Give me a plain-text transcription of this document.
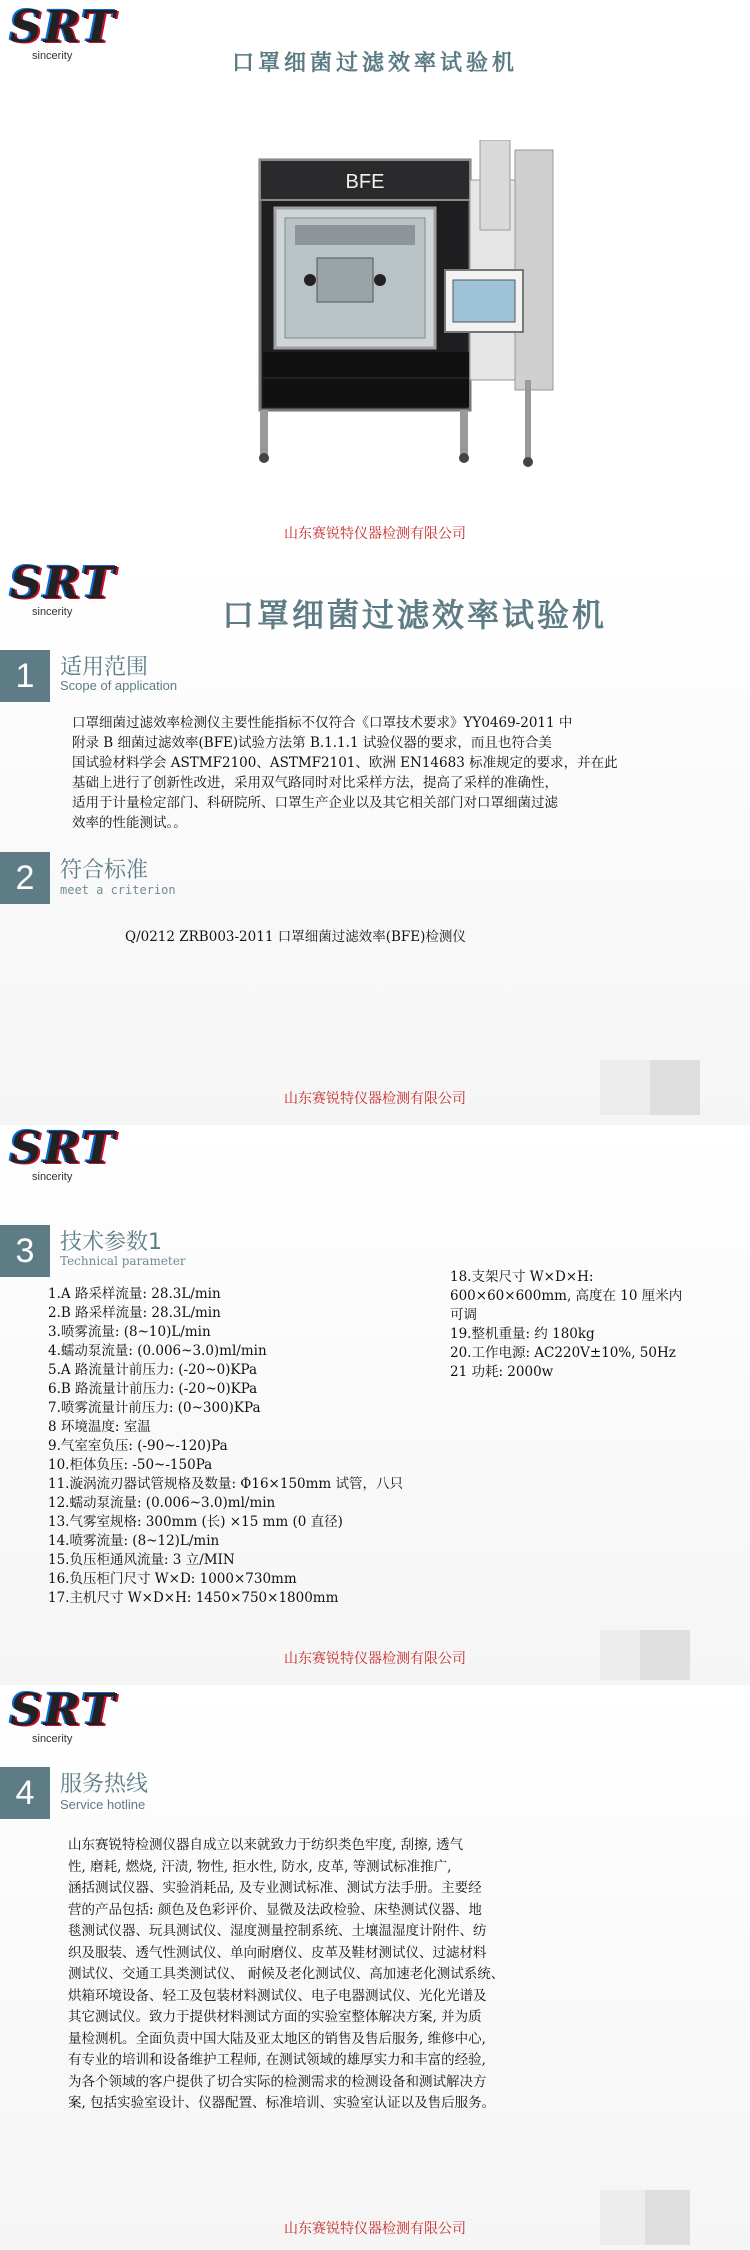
SRT
sincerity	口罩细菌过滤效率试验机
BFE
山东赛锐特仪器检测有限公司
SRT
sincerity	口罩细菌过滤效率试验机
1	适用范围
Scope of application
口罩细菌过滤效率检测仪主要性能指标不仅符合《口罩技术要求》YY0469-2011 中
附录 B 细菌过滤效率(BFE)试验方法第 B.1.1.1 试验仪器的要求，而且也符合美
国试验材料学会 ASTMF2100、ASTMF2101、欧洲 EN14683 标准规定的要求，并在此
基础上进行了创新性改进，采用双气路同时对比采样方法，提高了采样的准确性，
适用于计量检定部门、科研院所、口罩生产企业以及其它相关部门对口罩细菌过滤
效率的性能测试。。
2	符合标准
meet a criterion
Q/0212 ZRB003-2011 口罩细菌过滤效率(BFE)检测仪
山东赛锐特仪器检测有限公司
SRT
sincerity
3	技术参数1
Technical parameter
1.A 路采样流量: 28.3L/min
2.B 路采样流量: 28.3L/min
3.喷雾流量: (8~10)L/min
4.蠕动泵流量: (0.006~3.0)ml/min
5.A 路流量计前压力: (-20~0)KPa
6.B 路流量计前压力: (-20~0)KPa
7.喷雾流量计前压力: (0~300)KPa
8 环境温度: 室温
9.气室室负压: (-90~-120)Pa
10.柜体负压: -50~-150Pa
11.漩涡流刃器试管规格及数量: Φ16×150mm 试管，八只
12.蠕动泵流量: (0.006~3.0)ml/min
13.气雾室规格: 300mm (长) ×15 mm (0 直径)
14.喷雾流量: (8~12)L/min
15.负压柜通风流量: 3 立/MIN
16.负压柜门尺寸 W×D: 1000×730mm
17.主机尺寸 W×D×H: 1450×750×1800mm
18.支架尺寸 W×D×H:
600×60×600mm, 高度在 10 厘米内
可调
19.整机重量: 约 180kg
20.工作电源: AC220V±10%, 50Hz
21 功耗: 2000w
山东赛锐特仪器检测有限公司
SRT
sincerity
4	服务热线
Service hotline
山东赛锐特检测仪器自成立以来就致力于纺织类色牢度, 刮擦, 透气
性, 磨耗, 燃烧, 汗渍, 物性, 拒水性, 防水, 皮革, 等测试标准推广,
涵括测试仪器、实验消耗品, 及专业测试标准、测试方法手册。主要经
营的产品包括: 颜色及色彩评价、显微及法政检验、床垫测试仪器、地
毯测试仪器、玩具测试仪、湿度测量控制系统、土壤温湿度计附件、纺
织及服装、透气性测试仪、单向耐磨仪、皮革及鞋材测试仪、过滤材料
测试仪、交通工具类测试仪、 耐候及老化测试仪、高加速老化测试系统、
烘箱环境设备、轻工及包装材料测试仪、电子电器测试仪、光化光谱及
其它测试仪。致力于提供材料测试方面的实验室整体解决方案, 并为质
量检测机。全面负责中国大陆及亚太地区的销售及售后服务, 维修中心,
有专业的培训和设备维护工程师, 在测试领域的雄厚实力和丰富的经验,
为各个领域的客户提供了切合实际的检测需求的检测设备和测试解决方
案, 包括实验室设计、仪器配置、标准培训、实验室认证以及售后服务。
山东赛锐特仪器检测有限公司
